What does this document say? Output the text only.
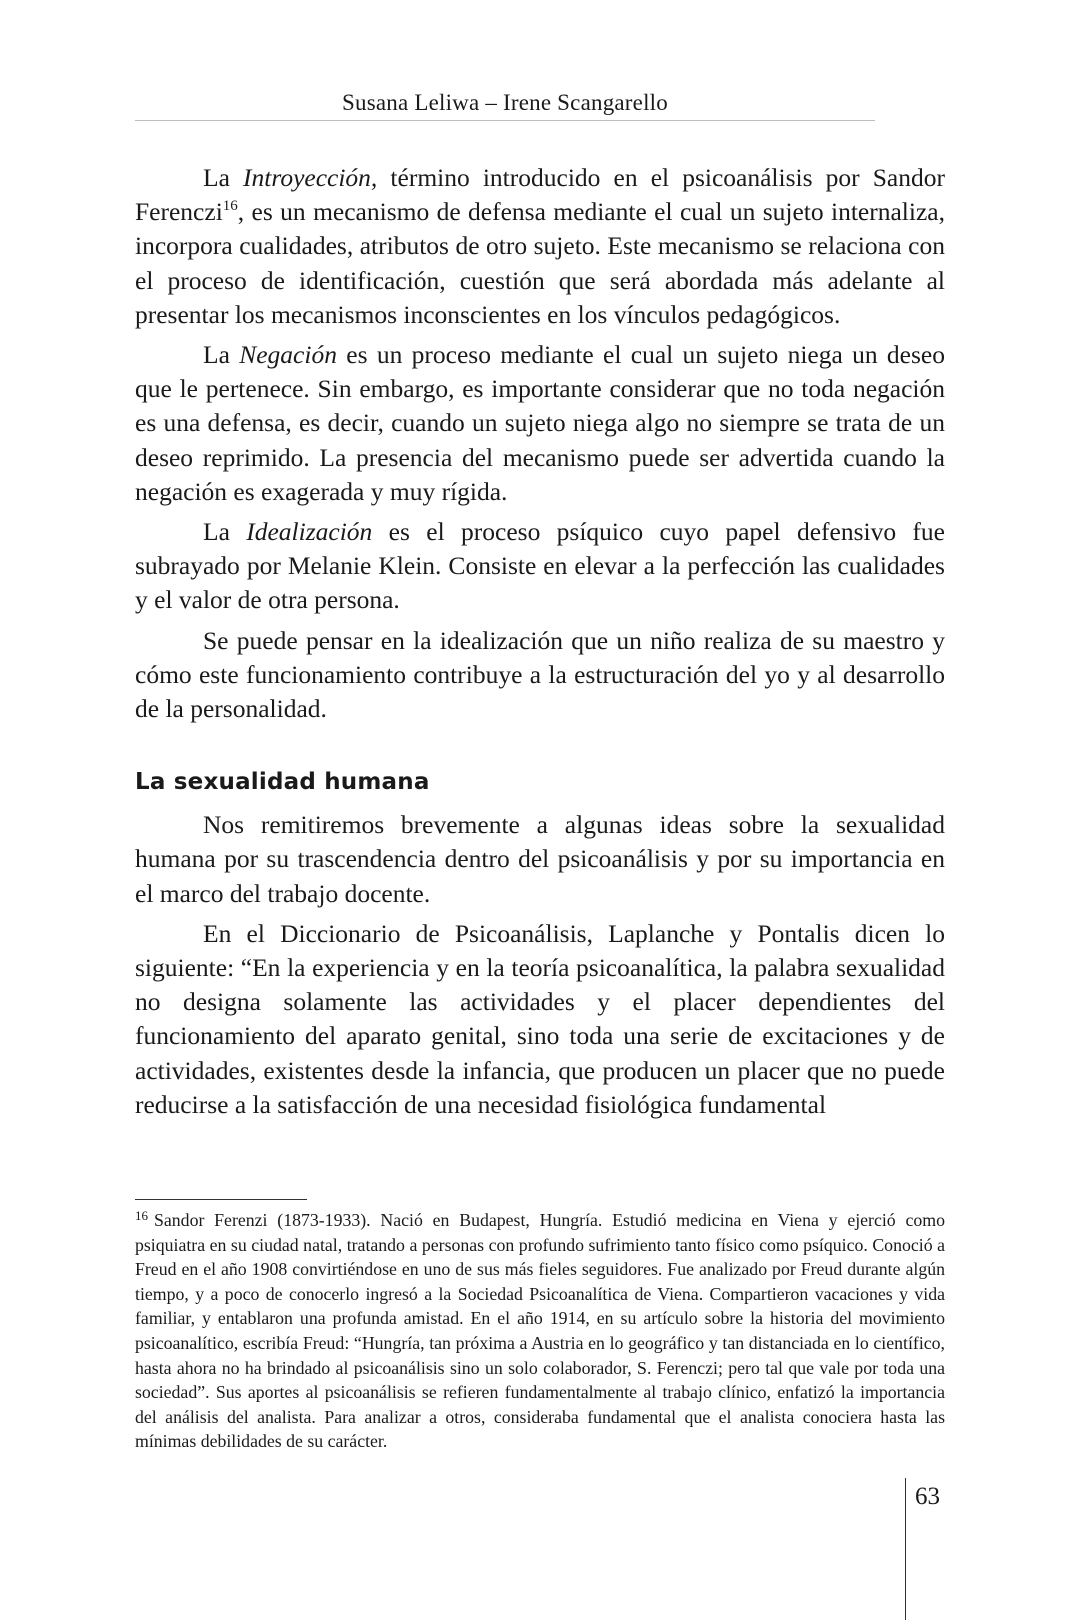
Susana Leliwa – Irene Scangarello

La Introyección, término introducido en el psicoanálisis por Sandor Ferenczi$^{16}$, es un mecanismo de defensa mediante el cual un sujeto internaliza, incorpora cualidades, atributos de otro sujeto. Este mecanismo se relaciona con el proceso de identificación, cuestión que será abordada más adelante al presentar los mecanismos inconscientes en los vínculos pedagógicos.

La Negación es un proceso mediante el cual un sujeto niega un deseo que le pertenece. Sin embargo, es importante considerar que no toda negación es una defensa, es decir, cuando un sujeto niega algo no siempre se trata de un deseo reprimido. La presencia del mecanismo puede ser advertida cuando la negación es exagerada y muy rígida.

La Idealización es el proceso psíquico cuyo papel defensivo fue subrayado por Melanie Klein. Consiste en elevar a la perfección las cualidades y el valor de otra persona.

Se puede pensar en la idealización que un niño realiza de su maestro y cómo este funcionamiento contribuye a la estructuración del yo y al desarrollo de la personalidad.

La sexualidad humana

Nos remitiremos brevemente a algunas ideas sobre la sexualidad humana por su trascendencia dentro del psicoanálisis y por su importancia en el marco del trabajo docente.

En el Diccionario de Psicoanálisis, Laplanche y Pontalis dicen lo siguiente: “En la experiencia y en la teoría psicoanalítica, la palabra sexualidad no designa solamente las actividades y el placer dependientes del funcionamiento del aparato genital, sino toda una serie de excitaciones y de actividades, existentes desde la infancia, que producen un placer que no puede reducirse a la satisfacción de una necesidad fisiológica fundamental

$^{16}$ Sandor Ferenzi (1873-1933). Nació en Budapest, Hungría. Estudió medicina en Viena y ejerció como psiquiatra en su ciudad natal, tratando a personas con profundo sufrimiento tanto físico como psíquico. Conoció a Freud en el año 1908 convirtiéndose en uno de sus más fieles seguidores. Fue analizado por Freud durante algún tiempo, y a poco de conocerlo ingresó a la Sociedad Psicoanalítica de Viena. Compartieron vacaciones y vida familiar, y entablaron una profunda amistad. En el año 1914, en su artículo sobre la historia del movimiento psicoanalítico, escribía Freud: “Hungría, tan próxima a Austria en lo geográfico y tan distanciada en lo científico, hasta ahora no ha brindado al psicoanálisis sino un solo colaborador, S. Ferenczi; pero tal que vale por toda una sociedad”. Sus aportes al psicoanálisis se refieren fundamentalmente al trabajo clínico, enfatizó la importancia del análisis del analista. Para analizar a otros, consideraba fundamental que el analista conociera hasta las mínimas debilidades de su carácter.

63
